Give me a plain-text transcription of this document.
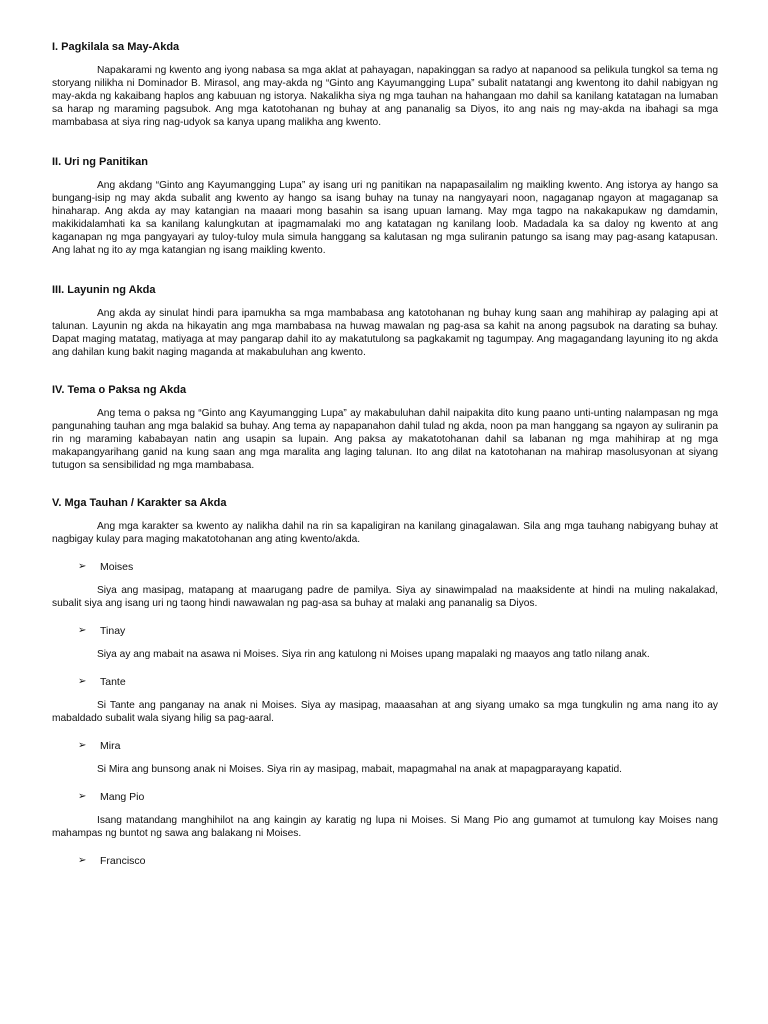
I. Pagkilala sa May-Akda

Napakarami ng kwento ang iyong nabasa sa mga aklat at pahayagan, napakinggan sa radyo at napanood sa pelikula tungkol sa tema ng storyang nilikha ni Dominador B. Mirasol, ang may-akda ng “Ginto ang Kayumangging Lupa” subalit natatangi ang kwentong ito dahil nabigyan ng may-akda ng kakaibang haplos ang kabuuan ng istorya. Nakalikha siya ng mga tauhan na hahangaan mo dahil sa kanilang katatagan na lumaban sa harap ng maraming pagsubok. Ang mga katotohanan ng buhay at ang pananalig sa Diyos, ito ang nais ng may-akda na ibahagi sa mga mambabasa at siya ring nag-udyok sa kanya upang malikha ang kwento.

II. Uri ng Panitikan

Ang akdang “Ginto ang Kayumangging Lupa” ay isang uri ng panitikan na napapasailalim ng maikling kwento. Ang istorya ay hango sa bungang-isip ng may akda subalit ang kwento ay hango sa isang buhay na tunay na nangyayari noon, nagaganap ngayon at magaganap sa hinaharap. Ang akda ay may katangian na maaari mong basahin sa isang upuan lamang. May mga tagpo na nakakapukaw ng damdamin, makikidalamhati ka sa kanilang kalungkutan at ipagmamalaki mo ang katatagan ng kanilang loob. Madadala ka sa daloy ng kwento at ang kaganapan ng mga pangyayari ay tuloy-tuloy mula simula hanggang sa kalutasan ng mga suliranin patungo sa isang may pag-asang katapusan. Ang lahat ng ito ay mga katangian ng isang maikling kwento.

III. Layunin ng Akda

Ang akda ay sinulat hindi para ipamukha sa mga mambabasa ang katotohanan ng buhay kung saan ang mahihirap ay palaging api at talunan. Layunin ng akda na hikayatin ang mga mambabasa na huwag mawalan ng pag-asa sa kahit na anong pagsubok na darating sa buhay. Dapat maging matatag, matiyaga at may pangarap dahil ito ay makatutulong sa pagkakamit ng tagumpay. Ang magagandang layuning ito ng akda ang dahilan kung bakit naging maganda at makabuluhan ang kwento.

IV. Tema o Paksa ng Akda

Ang tema o paksa ng “Ginto ang Kayumangging Lupa” ay makabuluhan dahil naipakita dito kung paano unti-unting nalampasan ng mga pangunahing tauhan ang mga balakid sa buhay. Ang tema ay napapanahon dahil tulad ng akda, noon pa man hanggang sa ngayon ay suliranin pa rin ng maraming kababayan natin ang usapin sa lupain. Ang paksa ay makatotohanan dahil sa labanan ng mga mahihirap at ng mga makapangyarihang ganid na kung saan ang mga maralita ang laging talunan. Ito ang dilat na katotohanan na mahirap masolusyonan at siyang tutugon sa sensibilidad ng mga mambabasa.

V. Mga Tauhan / Karakter sa Akda

Ang mga karakter sa kwento ay nalikha dahil na rin sa kapaligiran na kanilang ginagalawan. Sila ang mga tauhang nabigyang buhay at nagbigay kulay para maging makatotohanan ang ating kwento/akda.

➢	Moises

Siya ang masipag, matapang at maarugang padre de pamilya. Siya ay sinawimpalad na maaksidente at hindi na muling nakalakad, subalit siya ang isang uri ng taong hindi nawawalan ng pag-asa sa buhay at malaki ang pananalig sa Diyos.

➢	Tinay

Siya ay ang mabait na asawa ni Moises. Siya rin ang katulong ni Moises upang mapalaki ng maayos ang tatlo nilang anak.

➢	Tante

Si Tante ang panganay na anak ni Moises. Siya ay masipag, maaasahan at ang siyang umako sa mga tungkulin ng ama nang ito ay mabaldado subalit wala siyang hilig sa pag-aaral.

➢	Mira

Si Mira ang bunsong anak ni Moises. Siya rin ay masipag, mabait, mapagmahal na anak at mapagparayang kapatid.

➢	Mang Pio

Isang matandang manghihilot na ang kaingin ay karatig ng lupa ni Moises. Si Mang Pio ang gumamot at tumulong kay Moises nang mahampas ng buntot ng sawa ang balakang ni Moises.

➢	Francisco
